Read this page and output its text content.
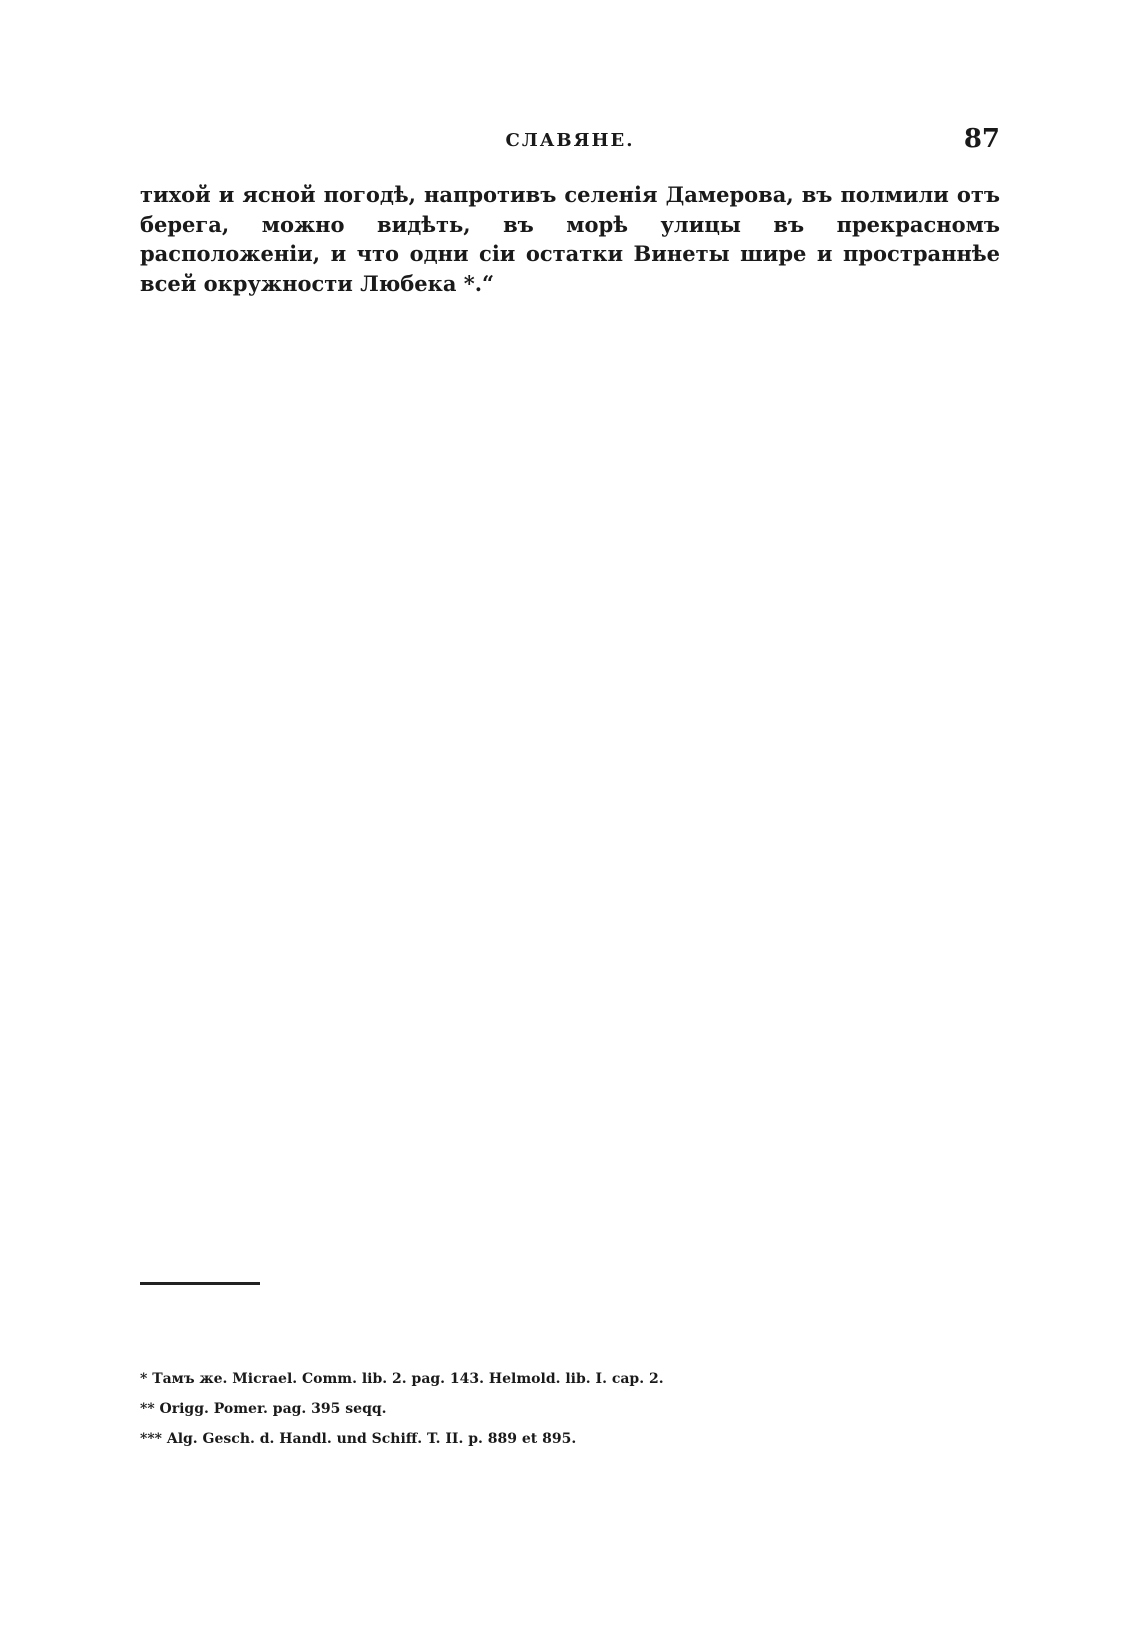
СЛАВЯНЕ.	87

тихой и ясной погодѣ, напротивъ селенія Дамерова, въ полмили отъ берега, можно видѣть, въ морѣ улицы въ прекрасномъ расположеніи, и что одни сіи остатки Винеты шире и пространнѣе всей окружности Любека *.“

* Тамъ же. Micrael. Comm. lib. 2. pag. 143. Helmold. lib. I. cap. 2.
** Origg. Pomer. pag. 395 seqq.
*** Alg. Gesch. d. Handl. und Schiff. T. II. p. 889 et 895.
